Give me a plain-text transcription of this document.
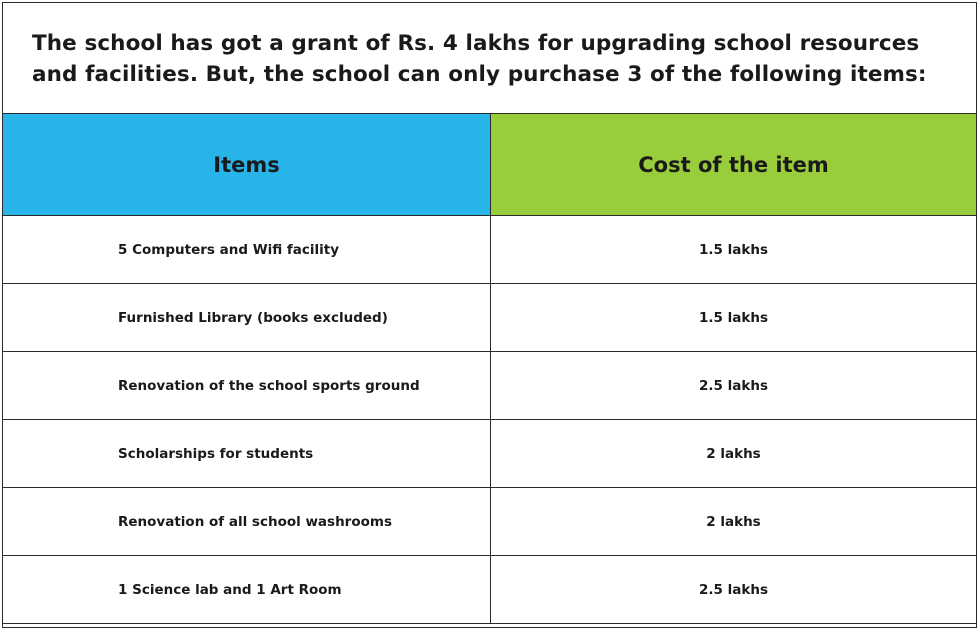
The school has got a grant of Rs. 4 lakhs for upgrading school resources and facilities. But, the school can only purchase 3 of the following items:
Items	Cost of the item
5 Computers and Wifi facility	1.5 lakhs
Furnished Library (books excluded)	1.5 lakhs
Renovation of the school sports ground	2.5 lakhs
Scholarships for students	2 lakhs
Renovation of all school washrooms	2 lakhs
1 Science lab and 1 Art Room	2.5 lakhs
